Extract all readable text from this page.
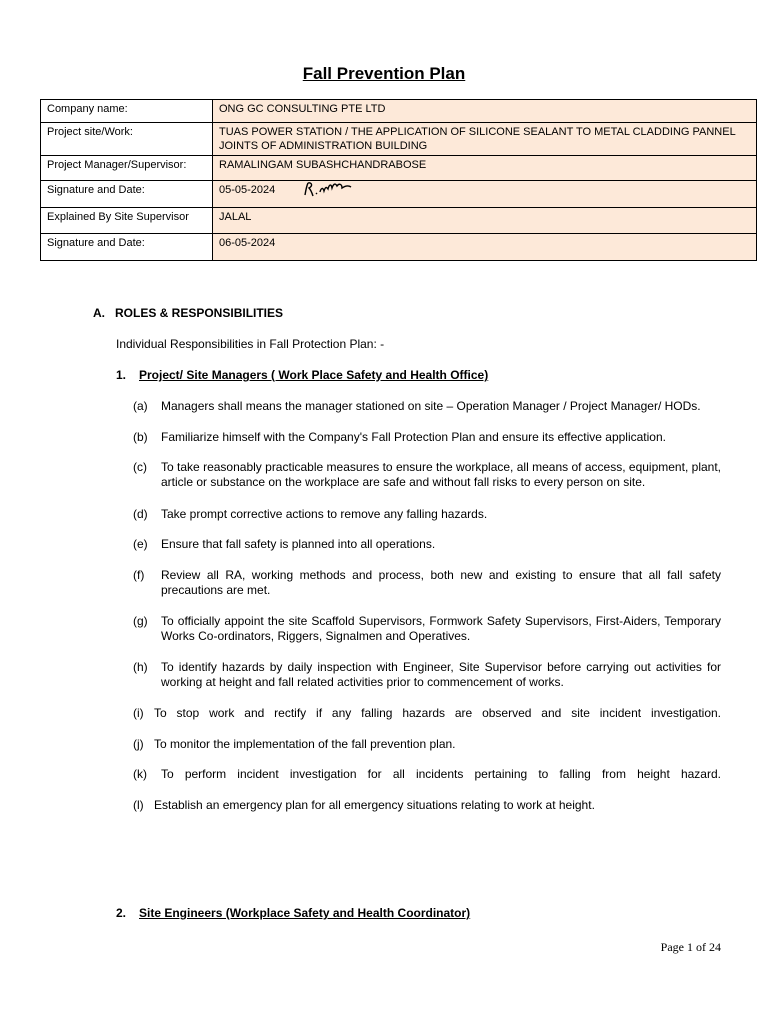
Fall Prevention Plan
Company name:	ONG GC CONSULTING PTE LTD
Project site/Work:	TUAS POWER STATION / THE APPLICATION OF SILICONE SEALANT TO METAL CLADDING PANNEL JOINTS OF ADMINISTRATION BUILDING
Project Manager/Supervisor:	RAMALINGAM SUBASHCHANDRABOSE
Signature and Date:	05-05-2024

Explained By Site Supervisor	JALAL
Signature and Date:	06-05-2024
A. ROLES & RESPONSIBILITIES
Individual Responsibilities in Fall Protection Plan: -
1. Project/ Site Managers ( Work Place Safety and Health Office)
(a) Managers shall means the manager stationed on site – Operation Manager / Project Manager/ HODs.
(b) Familiarize himself with the Company's Fall Protection Plan and ensure its effective application.
(c) To take reasonably practicable measures to ensure the workplace, all means of access, equipment, plant, article or substance on the workplace are safe and without fall risks to every person on site.
(d) Take prompt corrective actions to remove any falling hazards.
(e) Ensure that fall safety is planned into all operations.
(f) Review all RA, working methods and process, both new and existing to ensure that all fall safety precautions are met.
(g) To officially appoint the site Scaffold Supervisors, Formwork Safety Supervisors, First-Aiders, Temporary Works Co-ordinators, Riggers, Signalmen and Operatives.
(h) To identify hazards by daily inspection with Engineer, Site Supervisor before carrying out activities for working at height and fall related activities prior to commencement of works.
(i) To stop work and rectify if any falling hazards are observed and site incident investigation.
(j) To monitor the implementation of the fall prevention plan.
(k) To perform incident investigation for all incidents pertaining to falling from height hazard.
(l) Establish an emergency plan for all emergency situations relating to work at height.
2. Site Engineers (Workplace Safety and Health Coordinator)
Page 1 of 24
